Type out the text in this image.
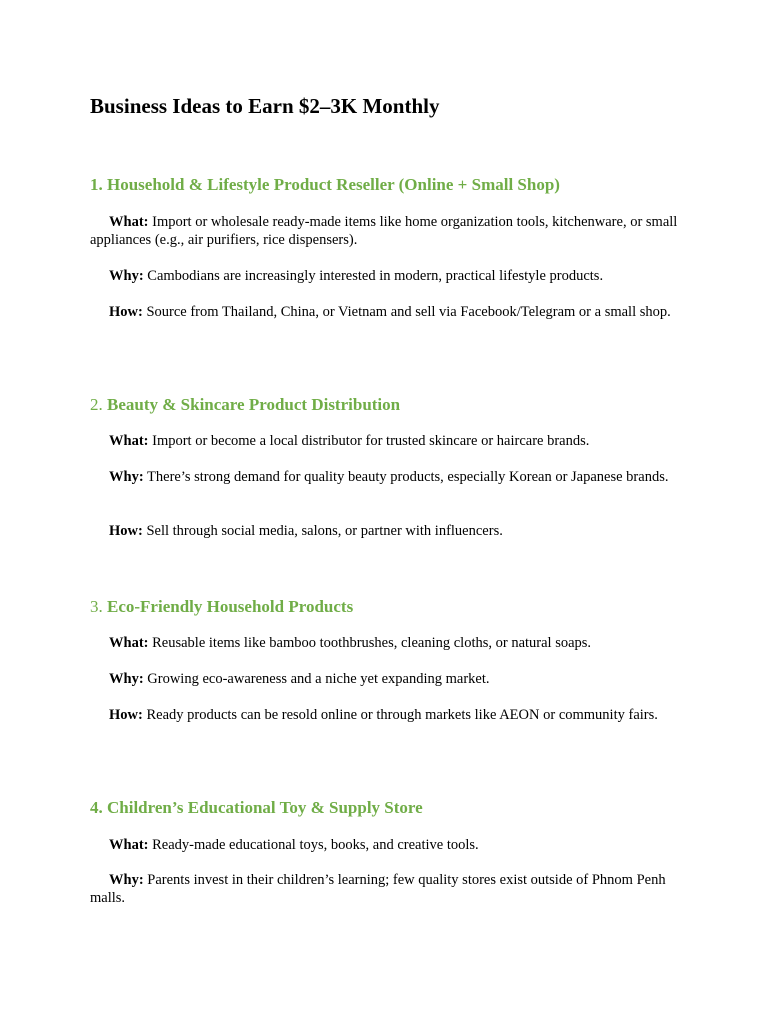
Business Ideas to Earn $2–3K Monthly
1. Household & Lifestyle Product Reseller (Online + Small Shop)

What: Import or wholesale ready-made items like home organization tools, kitchenware, or small appliances (e.g., air purifiers, rice dispensers).

Why: Cambodians are increasingly interested in modern, practical lifestyle products.

How: Source from Thailand, China, or Vietnam and sell via Facebook/Telegram or a small shop.

2. Beauty & Skincare Product Distribution

What: Import or become a local distributor for trusted skincare or haircare brands.

Why: There’s strong demand for quality beauty products, especially Korean or Japanese brands.

How: Sell through social media, salons, or partner with influencers.

3. Eco-Friendly Household Products

What: Reusable items like bamboo toothbrushes, cleaning cloths, or natural soaps.

Why: Growing eco-awareness and a niche yet expanding market.

How: Ready products can be resold online or through markets like AEON or community fairs.

4. Children’s Educational Toy & Supply Store

What: Ready-made educational toys, books, and creative tools.

Why: Parents invest in their children’s learning; few quality stores exist outside of Phnom Penh malls.
